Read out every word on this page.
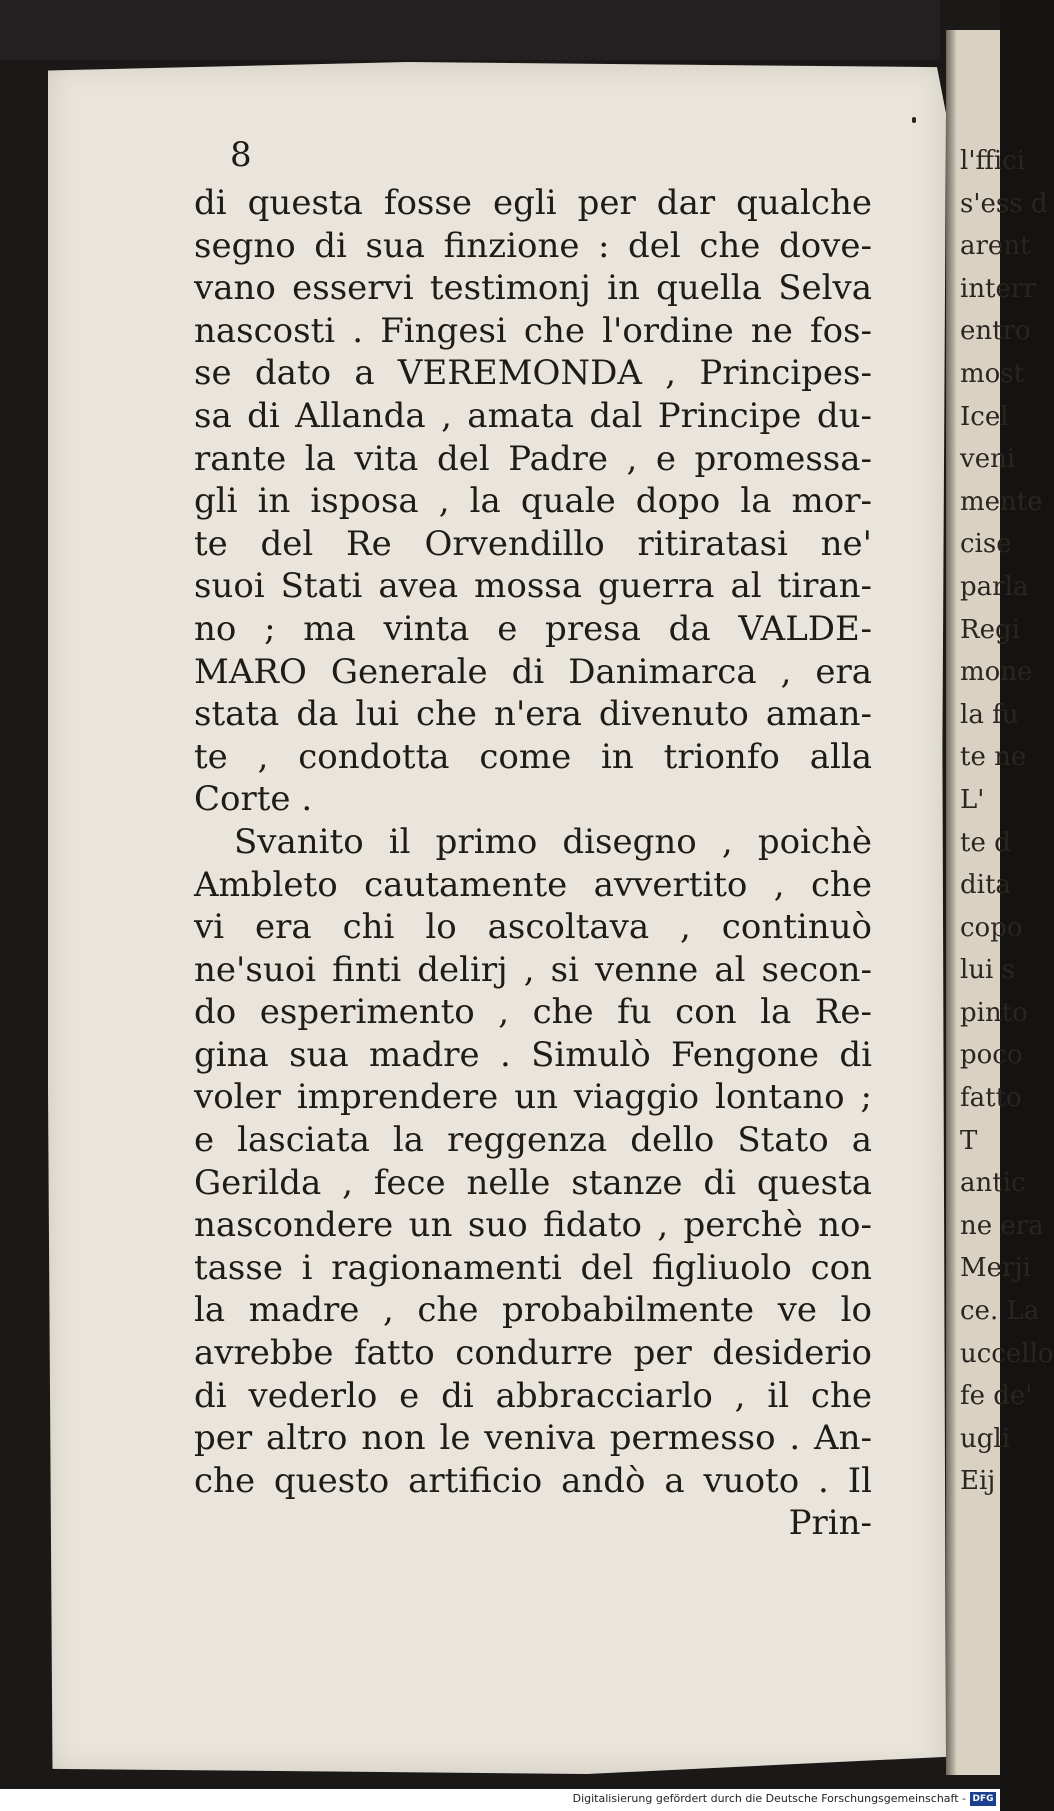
l'ffici
s'ess d
arent
interr
entro
most
Icel
veni
mente
cise
parla
Regi
mone
la fu
te ne
L'
te d
dita
copo
lui s
pinto
poco
fatto
T
antic
ne era
Merji
ce. La
uccello
fe de'
ugli
Eij
8
di questa fosse egli per dar qualche
segno di sua finzione : del che dove-
vano esservi testimonj in quella Selva
nascosti . Fingesi che l'ordine ne fos-
se dato a VEREMONDA , Principes-
sa di Allanda , amata dal Principe du-
rante la vita del Padre , e promessa-
gli in isposa , la quale dopo la mor-
te del Re Orvendillo ritiratasi ne'
suoi Stati avea mossa guerra al tiran-
no ; ma vinta e presa da VALDE-
MARO Generale di Danimarca , era
stata da lui che n'era divenuto aman-
te , condotta come in trionfo alla
Corte .
Svanito il primo disegno , poichè
Ambleto cautamente avvertito , che
vi era chi lo ascoltava , continuò
ne'suoi finti delirj , si venne al secon-
do esperimento , che fu con la Re-
gina sua madre . Simulò Fengone di
voler imprendere un viaggio lontano ;
e lasciata la reggenza dello Stato a
Gerilda , fece nelle stanze di questa
nascondere un suo fidato , perchè no-
tasse i ragionamenti del figliuolo con
la madre , che probabilmente ve lo
avrebbe fatto condurre per desiderio
di vederlo e di abbracciarlo , il che
per altro non le veniva permesso . An-
che questo artificio andò a vuoto . Il
Prin-
Digitalisierung gefördert durch die Deutsche Forschungsgemeinschaft - DFG
